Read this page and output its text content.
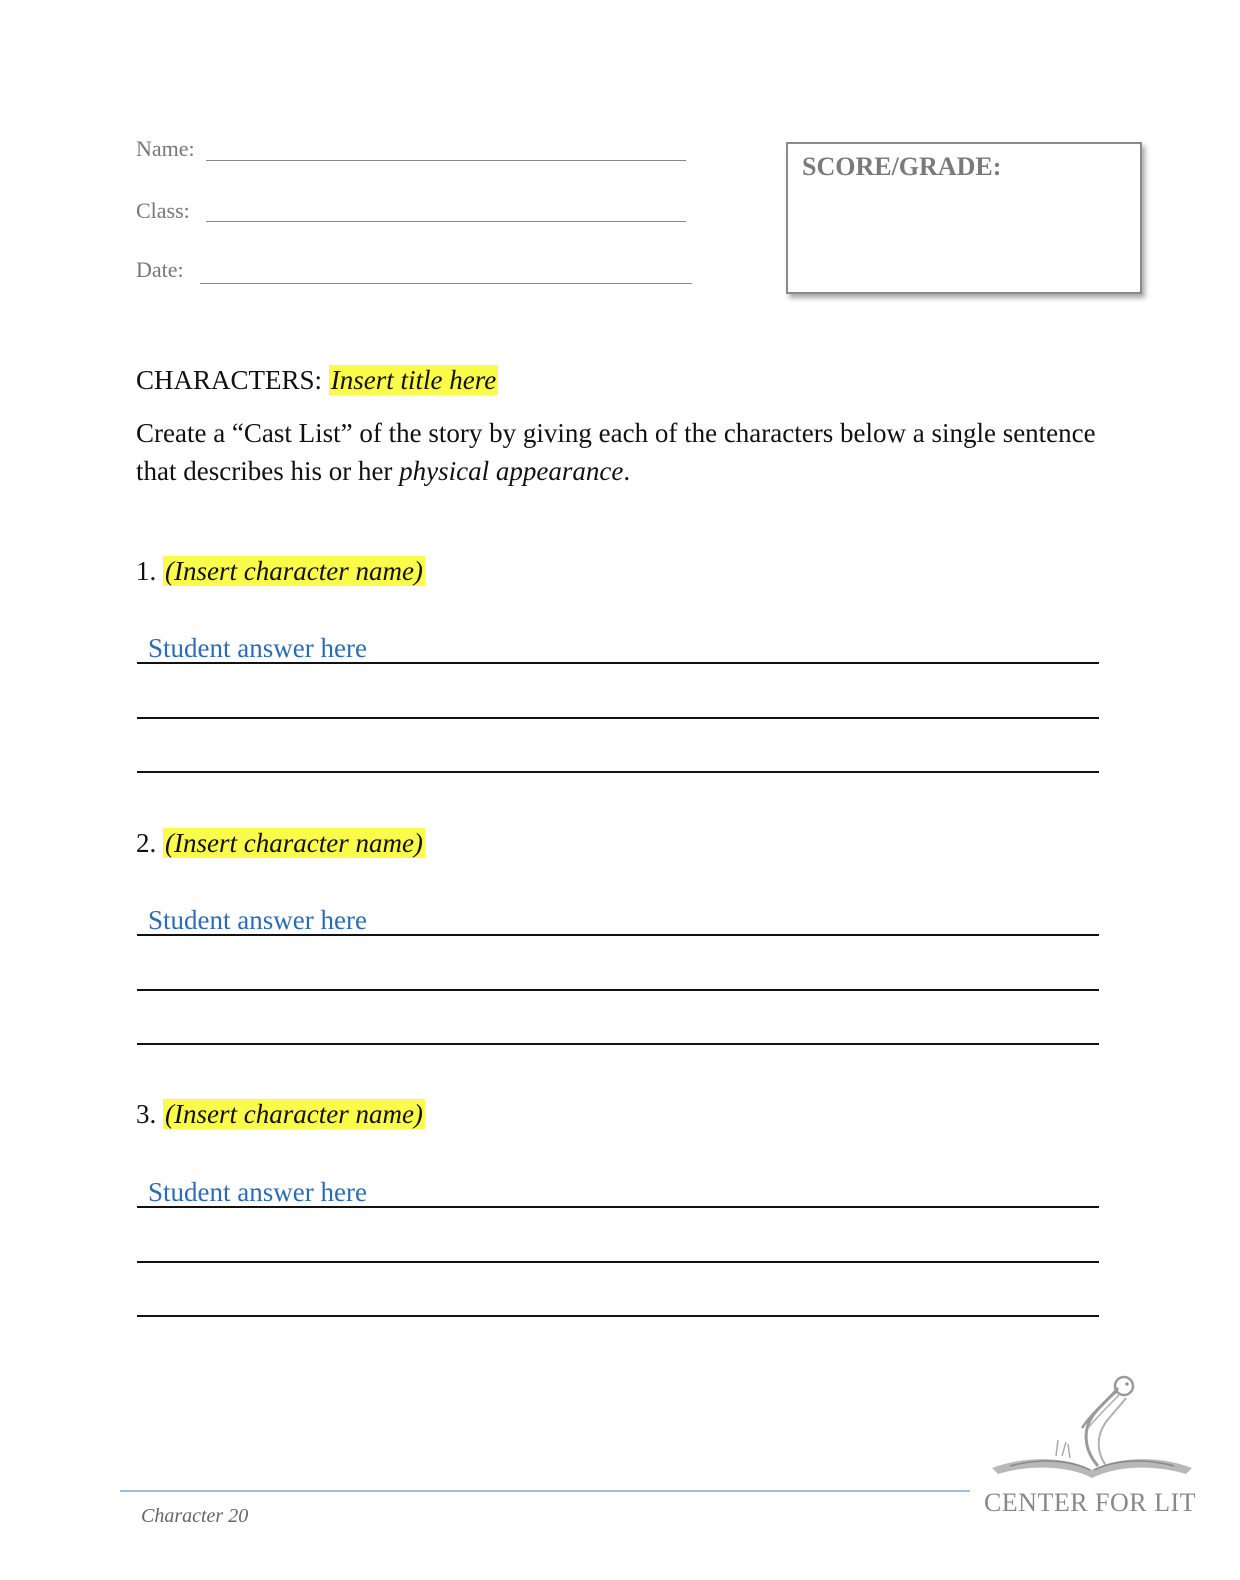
Name:
Class:
Date:
SCORE/GRADE:
CHARACTERS: Insert title here
Create a “Cast List” of the story by giving each of the characters below a single sentence that describes his or her physical appearance.
1. (Insert character name)
Student answer here
2. (Insert character name)
Student answer here
3. (Insert character name)
Student answer here
Character 20	CENTER FOR LIT
